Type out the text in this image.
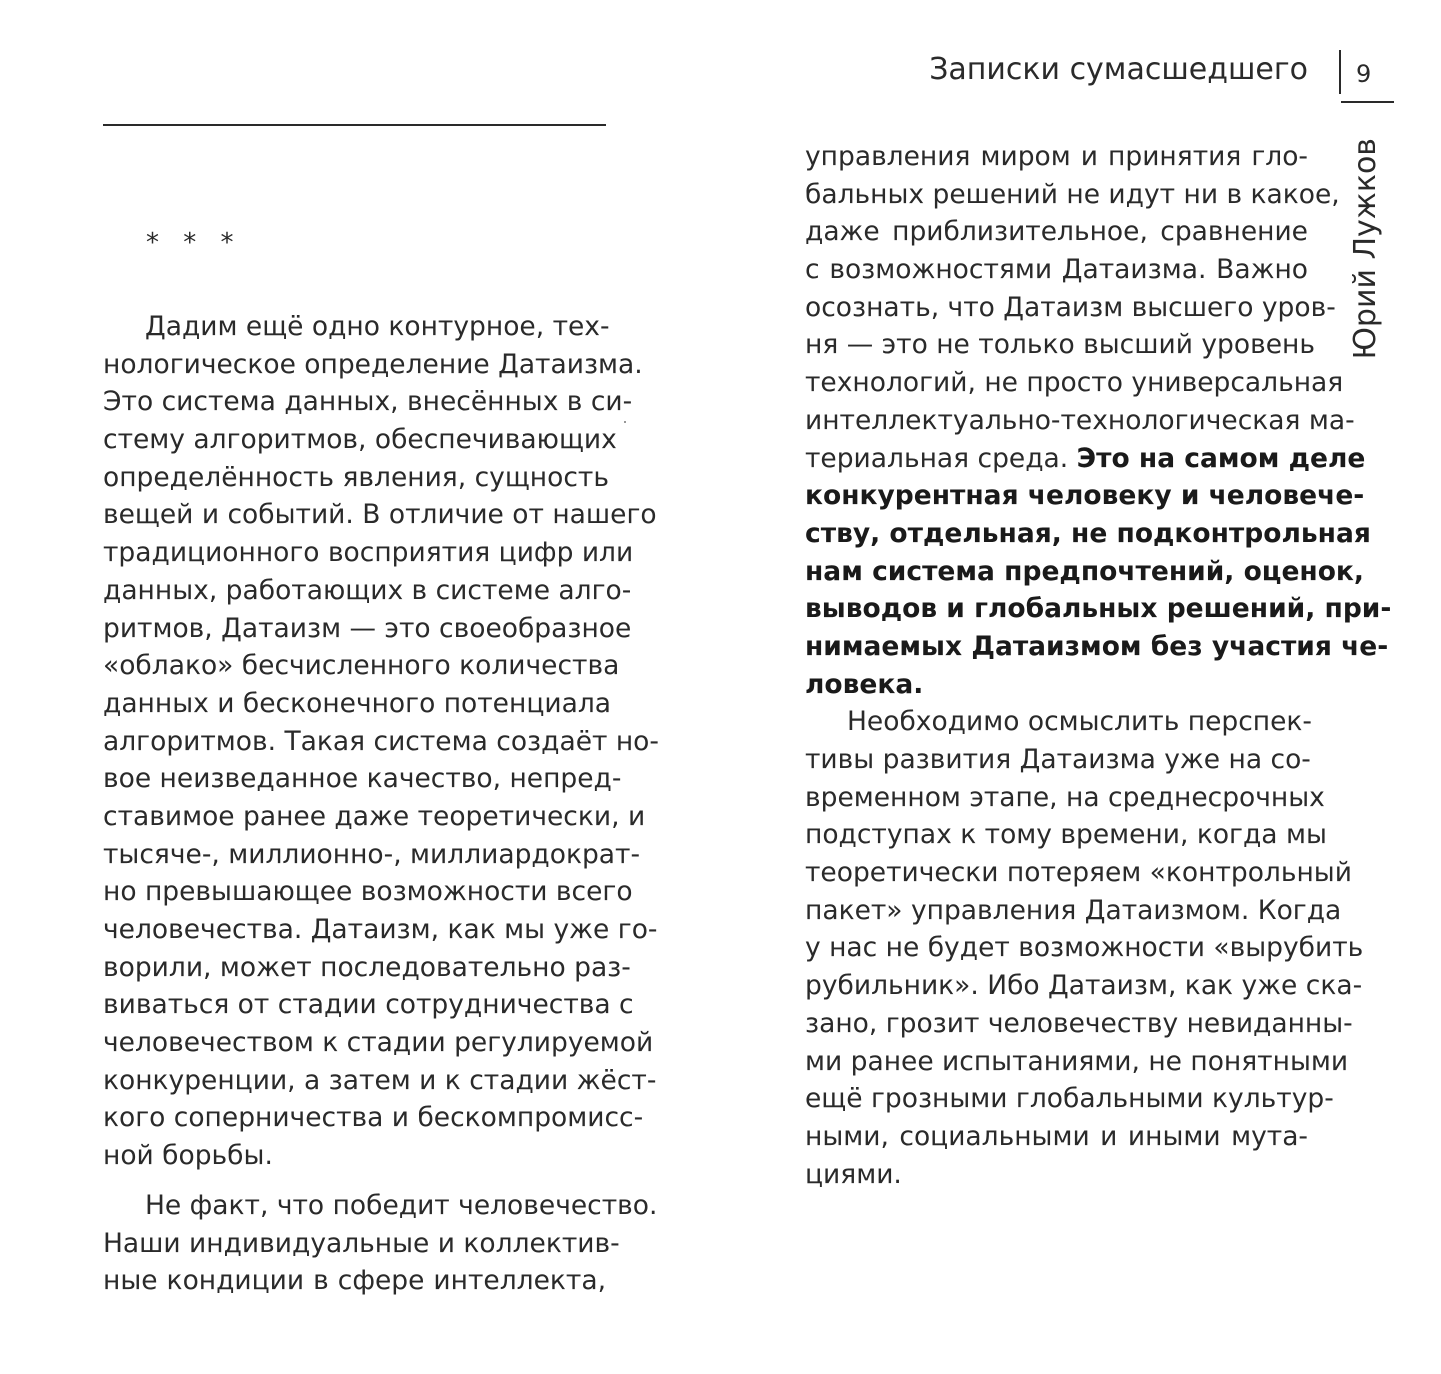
Записки сумасшедшего 9
Юрий Лужков
* * *
Дадим ещё одно контурное, тех-
нологическое определение Датаизма.
Это система данных, внесённых в си-
стему алгоритмов, обеспечивающих
определённость явления, сущность
вещей и событий. В отличие от нашего
традиционного восприятия цифр или
данных, работающих в системе алго-
ритмов, Датаизм — это своеобразное
«облако» бесчисленного количества
данных и бесконечного потенциала
алгоритмов. Такая система создаёт но-
вое неизведанное качество, непред-
ставимое ранее даже теоретически, и
тысяче-, миллионно-, миллиардократ-
но превышающее возможности всего
человечества. Датаизм, как мы уже го-
ворили, может последовательно раз-
виваться от стадии сотрудничества с
человечеством к стадии регулируемой
конкуренции, а затем и к стадии жёст-
кого соперничества и бескомпромисс-
ной борьбы.
Не факт, что победит человечество.
Наши индивидуальные и коллектив-
ные кондиции в сфере интеллекта,
управления миром и принятия гло-
бальных решений не идут ни в какое,
даже приблизительное, сравнение
с возможностями Датаизма. Важно
осознать, что Датаизм высшего уров-
ня — это не только высший уровень
технологий, не просто универсальная
интеллектуально-технологическая ма-
териальная среда. Это на самом деле
конкурентная человеку и человече-
ству, отдельная, не подконтрольная
нам система предпочтений, оценок,
выводов и глобальных решений, при-
нимаемых Датаизмом без участия че-
ловека.
Необходимо осмыслить перспек-
тивы развития Датаизма уже на со-
временном этапе, на среднесрочных
подступах к тому времени, когда мы
теоретически потеряем «контрольный
пакет» управления Датаизмом. Когда
у нас не будет возможности «вырубить
рубильник». Ибо Датаизм, как уже ска-
зано, грозит человечеству невиданны-
ми ранее испытаниями, не понятными
ещё грозными глобальными культур-
ными, социальными и иными мута-
циями.
